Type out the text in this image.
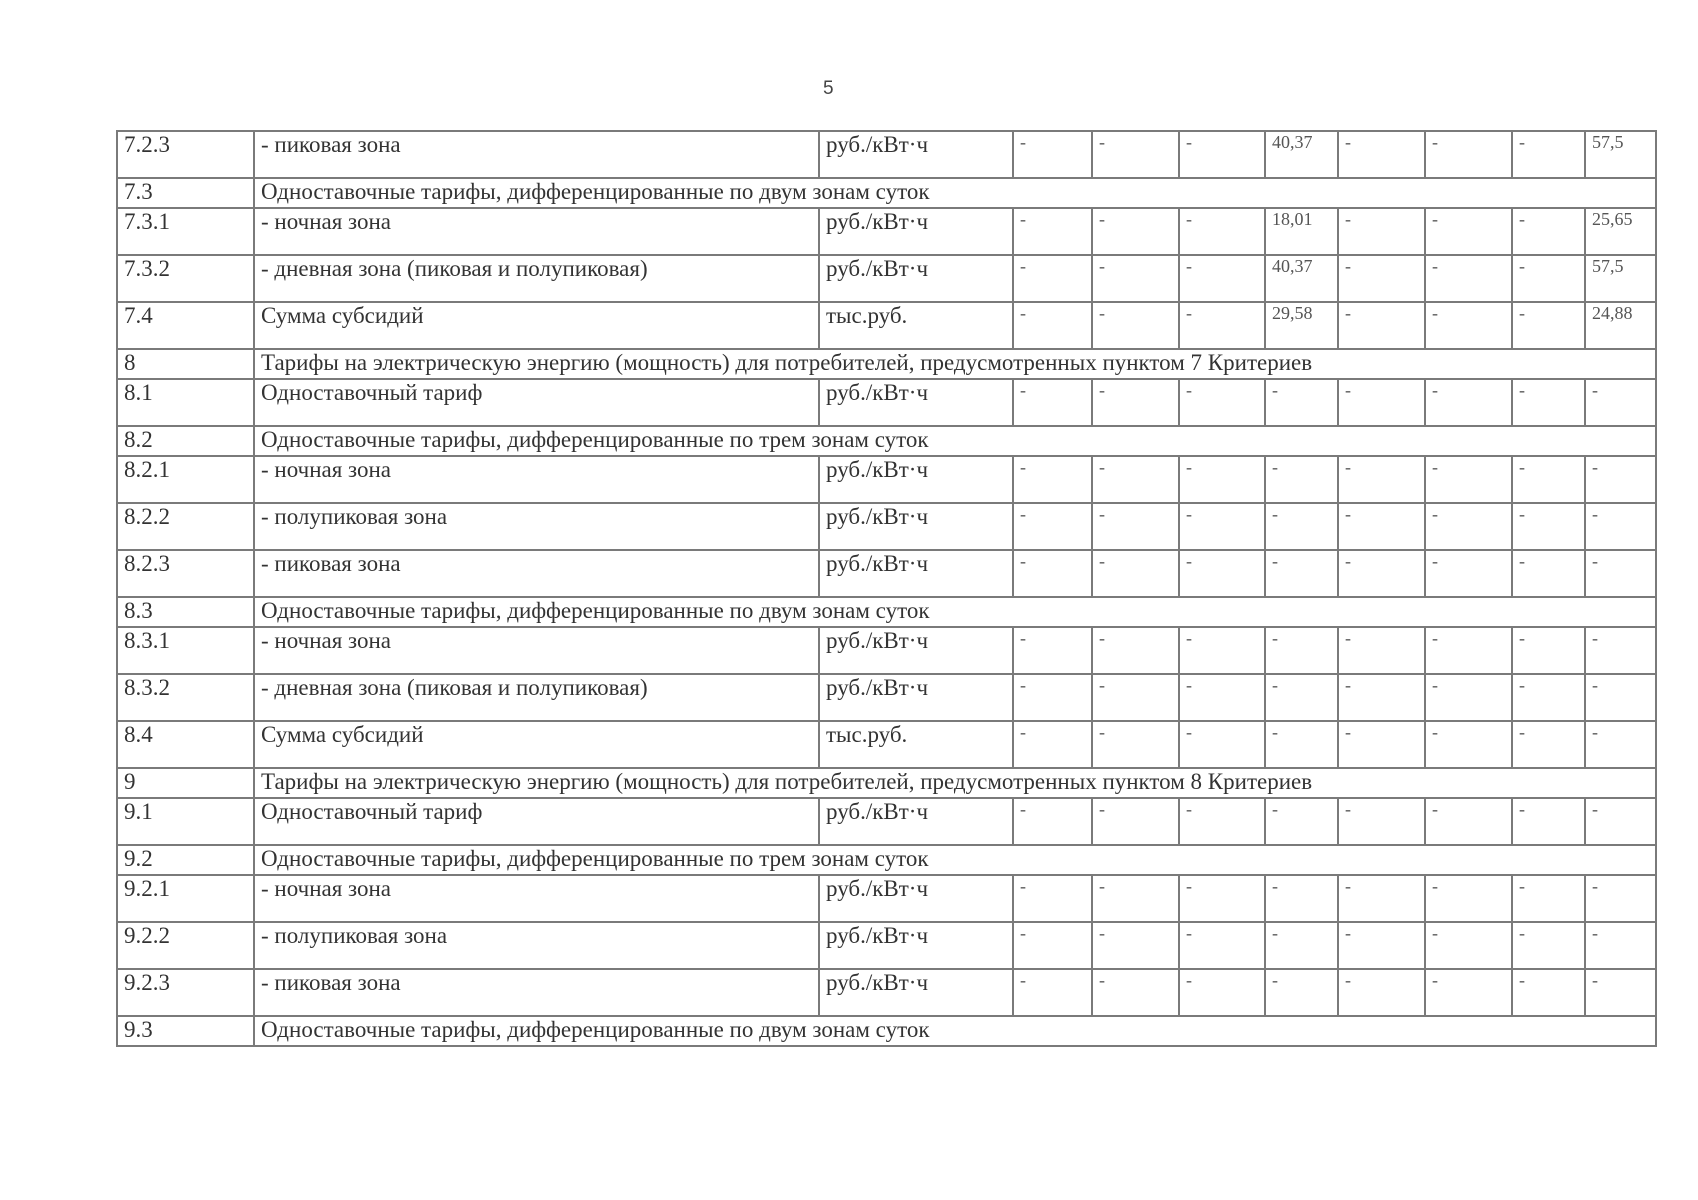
5
7.2.3	- пиковая зона	руб./кВт·ч	-	-	-	40,37	-	-	-	57,5
7.3	Одноставочные тарифы, дифференцированные по двум зонам суток									
7.3.1	- ночная зона	руб./кВт·ч	-	-	-	18,01	-	-	-	25,65
7.3.2	- дневная зона (пиковая и полупиковая)	руб./кВт·ч	-	-	-	40,37	-	-	-	57,5
7.4	Сумма субсидий	тыс.руб.	-	-	-	29,58	-	-	-	24,88
8	Тарифы на электрическую энергию (мощность) для потребителей, предусмотренных пунктом 7 Критериев									
8.1	Одноставочный тариф	руб./кВт·ч	-	-	-	-	-	-	-	-
8.2	Одноставочные тарифы, дифференцированные по трем зонам суток									
8.2.1	- ночная зона	руб./кВт·ч	-	-	-	-	-	-	-	-
8.2.2	- полупиковая зона	руб./кВт·ч	-	-	-	-	-	-	-	-
8.2.3	- пиковая зона	руб./кВт·ч	-	-	-	-	-	-	-	-
8.3	Одноставочные тарифы, дифференцированные по двум зонам суток									
8.3.1	- ночная зона	руб./кВт·ч	-	-	-	-	-	-	-	-
8.3.2	- дневная зона (пиковая и полупиковая)	руб./кВт·ч	-	-	-	-	-	-	-	-
8.4	Сумма субсидий	тыс.руб.	-	-	-	-	-	-	-	-
9	Тарифы на электрическую энергию (мощность) для потребителей, предусмотренных пунктом 8 Критериев									
9.1	Одноставочный тариф	руб./кВт·ч	-	-	-	-	-	-	-	-
9.2	Одноставочные тарифы, дифференцированные по трем зонам суток									
9.2.1	- ночная зона	руб./кВт·ч	-	-	-	-	-	-	-	-
9.2.2	- полупиковая зона	руб./кВт·ч	-	-	-	-	-	-	-	-
9.2.3	- пиковая зона	руб./кВт·ч	-	-	-	-	-	-	-	-
9.3	Одноставочные тарифы, дифференцированные по двум зонам суток									
